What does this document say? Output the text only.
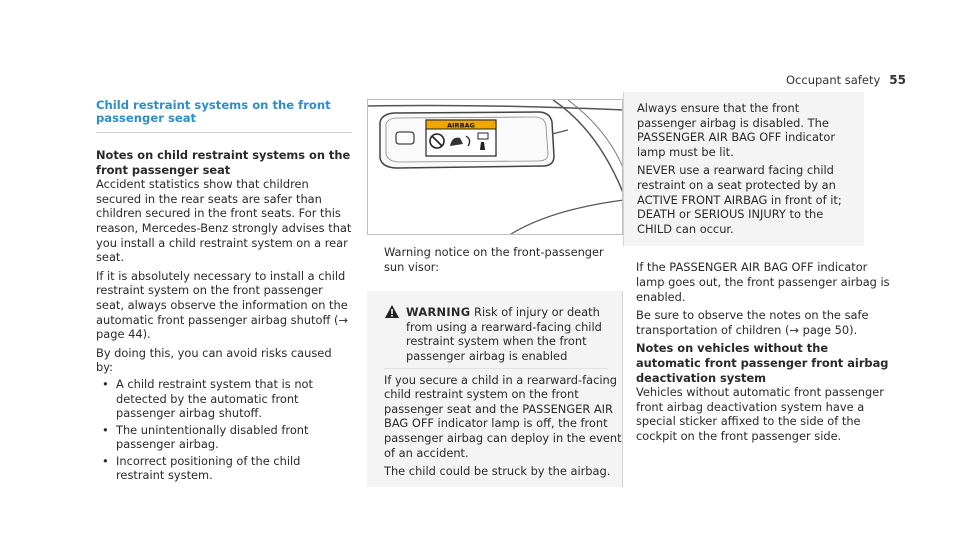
Occupant safety 55
Child restraint systems on the front passenger seat
Notes on child restraint systems on the front passenger seat
Accident statistics show that children secured in the rear seats are safer than children secured in the front seats. For this reason, Mercedes-Benz strongly advises that you install a child restraint system on a rear seat.
If it is absolutely necessary to install a child restraint system on the front passenger seat, always observe the information on the automatic front passenger airbag shutoff (→ page 44).
By doing this, you can avoid risks caused by:
• A child restraint system that is not detected by the automatic front passenger airbag shutoff.
• The unintentionally disabled front passenger airbag.
• Incorrect positioning of the child restraint system.
AIRBAG
Warning notice on the front-passenger sun visor:
WARNING Risk of injury or death from using a rearward-facing child restraint system when the front passenger airbag is enabled
If you secure a child in a rearward-facing child restraint system on the front passenger seat and the PASSENGER AIR BAG OFF indicator lamp is off, the front passenger airbag can deploy in the event of an accident.
The child could be struck by the airbag.
Always ensure that the front passenger airbag is disabled. The PASSENGER AIR BAG OFF indicator lamp must be lit.
NEVER use a rearward facing child restraint on a seat protected by an ACTIVE FRONT AIRBAG in front of it; DEATH or SERIOUS INJURY to the CHILD can occur.
If the PASSENGER AIR BAG OFF indicator lamp goes out, the front passenger airbag is enabled.
Be sure to observe the notes on the safe transportation of children (→ page 50).
Notes on vehicles without the automatic front passenger front airbag deactivation system
Vehicles without automatic front passenger front airbag deactivation system have a special sticker affixed to the side of the cockpit on the front passenger side.
